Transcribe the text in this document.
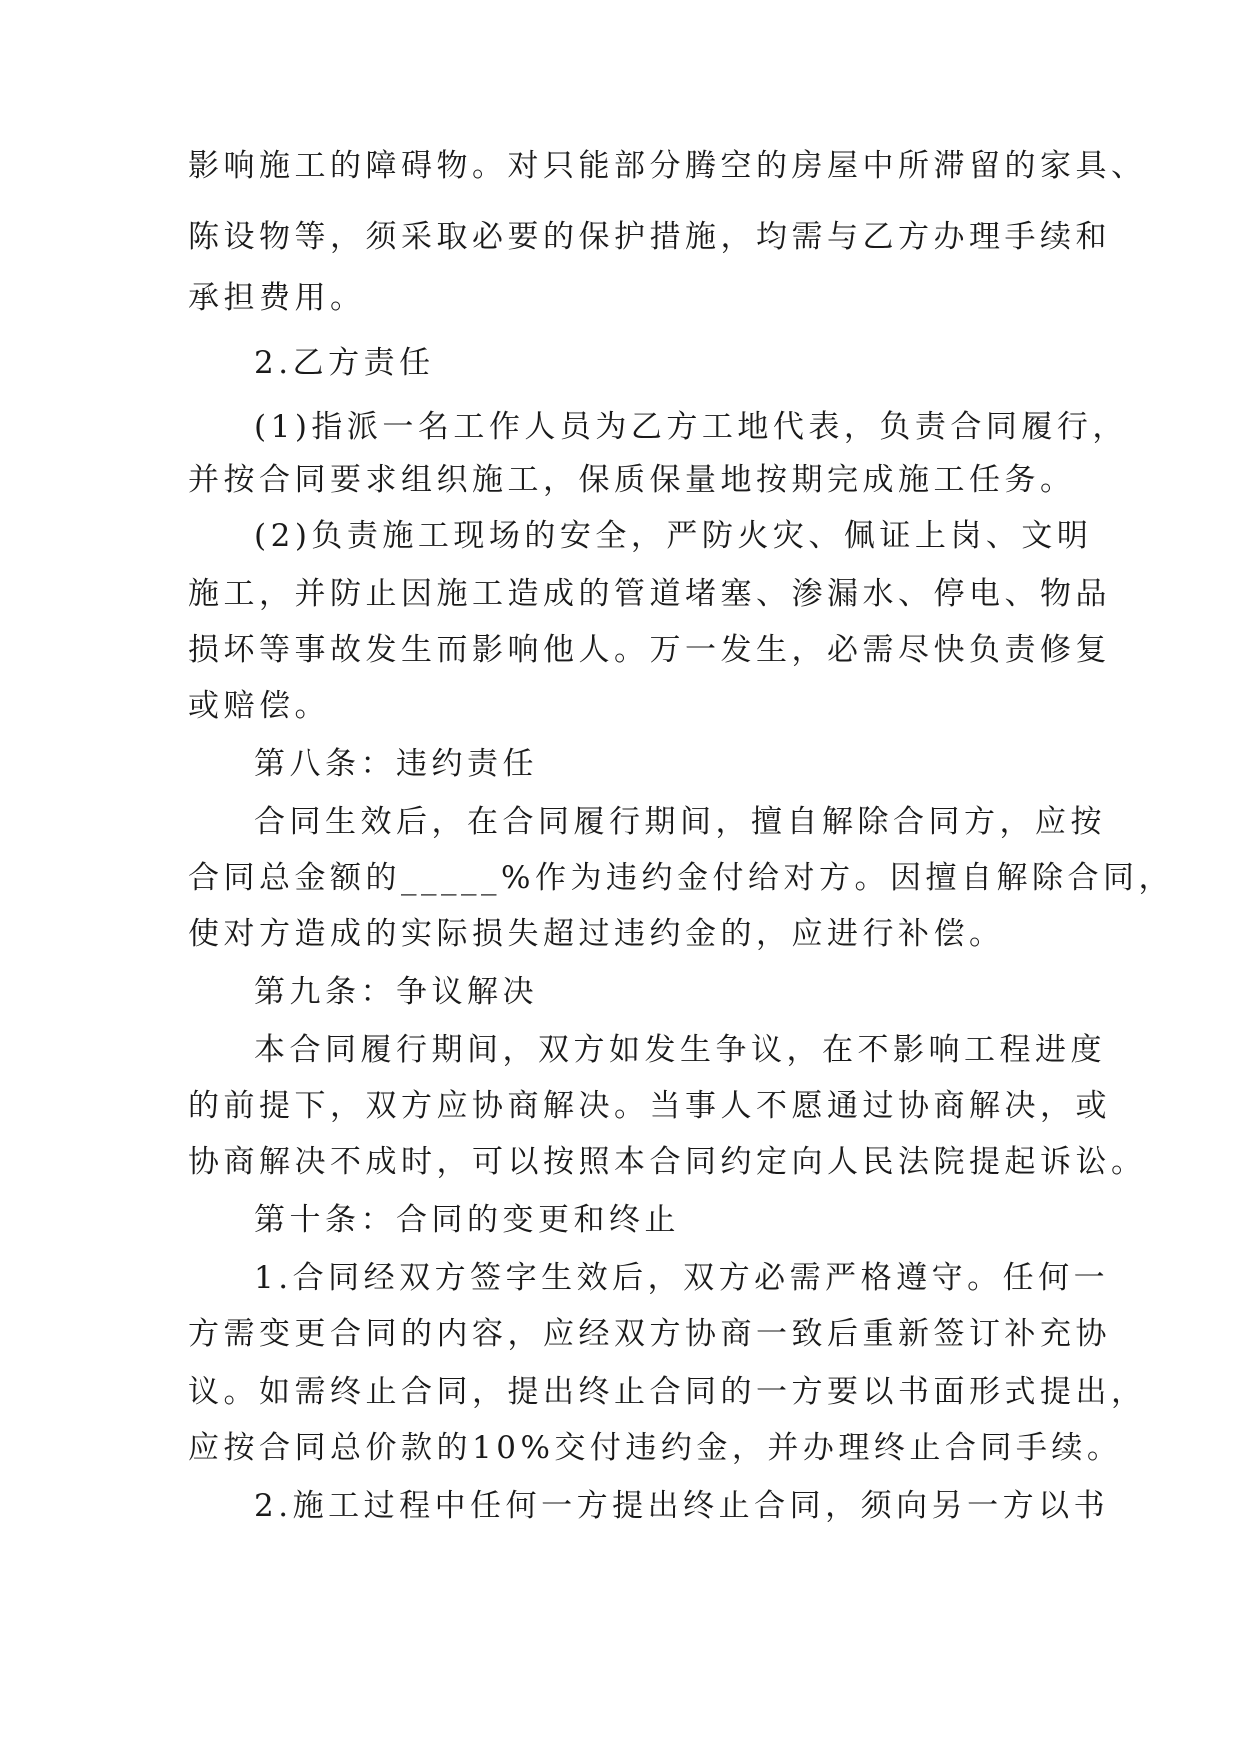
影响施工的障碍物。对只能部分腾空的房屋中所滞留的家具、
陈设物等，须采取必要的保护措施，均需与乙方办理手续和
承担费用。
2.乙方责任
(1)指派一名工作人员为乙方工地代表，负责合同履行，
并按合同要求组织施工，保质保量地按期完成施工任务。
(2)负责施工现场的安全，严防火灾、佩证上岗、文明
施工，并防止因施工造成的管道堵塞、渗漏水、停电、物品
损坏等事故发生而影响他人。万一发生，必需尽快负责修复
或赔偿。
第八条：违约责任
合同生效后，在合同履行期间，擅自解除合同方，应按
合同总金额的_____%作为违约金付给对方。因擅自解除合同，
使对方造成的实际损失超过违约金的，应进行补偿。
第九条：争议解决
本合同履行期间，双方如发生争议，在不影响工程进度
的前提下，双方应协商解决。当事人不愿通过协商解决，或
协商解决不成时，可以按照本合同约定向人民法院提起诉讼。
第十条：合同的变更和终止
1.合同经双方签字生效后，双方必需严格遵守。任何一
方需变更合同的内容，应经双方协商一致后重新签订补充协
议。如需终止合同，提出终止合同的一方要以书面形式提出，
应按合同总价款的10%交付违约金，并办理终止合同手续。
2.施工过程中任何一方提出终止合同，须向另一方以书
